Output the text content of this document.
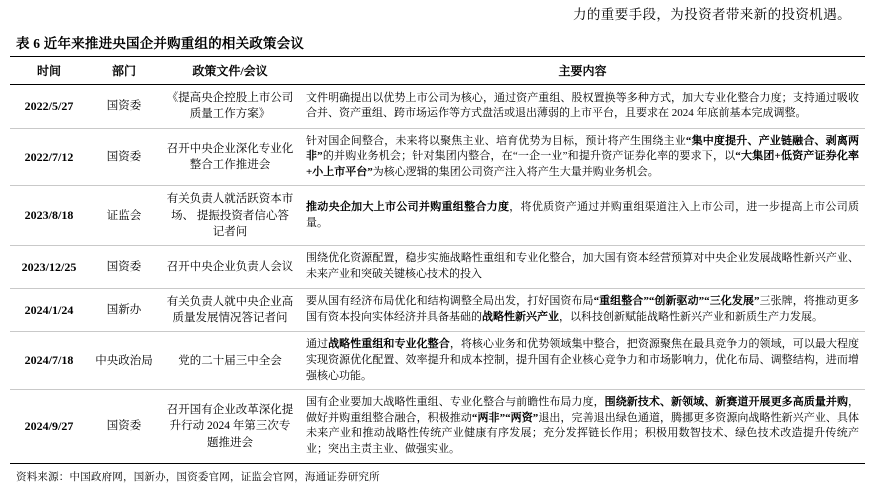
力的重要手段，为投资者带来新的投资机遇。
表 6 近年来推进央国企并购重组的相关政策会议
时间	部门	政策文件/会议	主要内容
2022/5/27	国资委	《提高央企控股上市公司质量工作方案》	文件明确提出以优势上市公司为核心，通过资产重组、股权置换等多种方式，加大专业化整合力度；支持通过吸收合并、资产重组、跨市场运作等方式盘活或退出薄弱的上市平台，且要求在 2024 年底前基本完成调整。
2022/7/12	国资委	召开中央企业深化专业化整合工作推进会	针对国企间整合，未来将以聚焦主业、培育优势为目标，预计将产生围绕主业“集中度提升、产业链融合、剥离两非”的并购业务机会；针对集团内整合，在“一企一业”和提升资产证券化率的要求下，以“大集团+低资产证券化率+小上市平台”为核心逻辑的集团公司资产注入将产生大量并购业务机会。
2023/8/18	证监会	有关负责人就活跃资本市场、 提振投资者信心答记者问	推动央企加大上市公司并购重组整合力度，将优质资产通过并购重组渠道注入上市公司，进一步提高上市公司质量。
2023/12/25	国资委	召开中央企业负责人会议	围绕优化资源配置，稳步实施战略性重组和专业化整合，加大国有资本经营预算对中央企业发展战略性新兴产业、未来产业和突破关键核心技术的投入
2024/1/24	国新办	有关负责人就中央企业高质量发展情况答记者问	要从国有经济布局优化和结构调整全局出发，打好国资布局“重组整合”“创新驱动”“三化发展”三张牌，将推动更多国有资本投向实体经济并具备基础的战略性新兴产业，以科技创新赋能战略性新兴产业和新质生产力发展。
2024/7/18	中央政治局	党的二十届三中全会	通过战略性重组和专业化整合，将核心业务和优势领域集中整合，把资源聚焦在最具竞争力的领域，可以最大程度实现资源优化配置、效率提升和成本控制，提升国有企业核心竞争力和市场影响力，优化布局、调整结构，进而增强核心功能。
2024/9/27	国资委	召开国有企业改革深化提升行动 2024 年第三次专题推进会	国有企业要加大战略性重组、专业化整合与前瞻性布局力度，围绕新技术、新领域、新赛道开展更多高质量并购，做好并购重组整合融合，积极推动“两非”“两资”退出，完善退出绿色通道，腾挪更多资源向战略性新兴产业、具体未来产业和推动战略性传统产业健康有序发展；充分发挥链长作用；积极用数智技术、绿色技术改造提升传统产业；突出主责主业、做强实业。
资料来源：中国政府网，国新办，国资委官网，证监会官网，海通证券研究所
